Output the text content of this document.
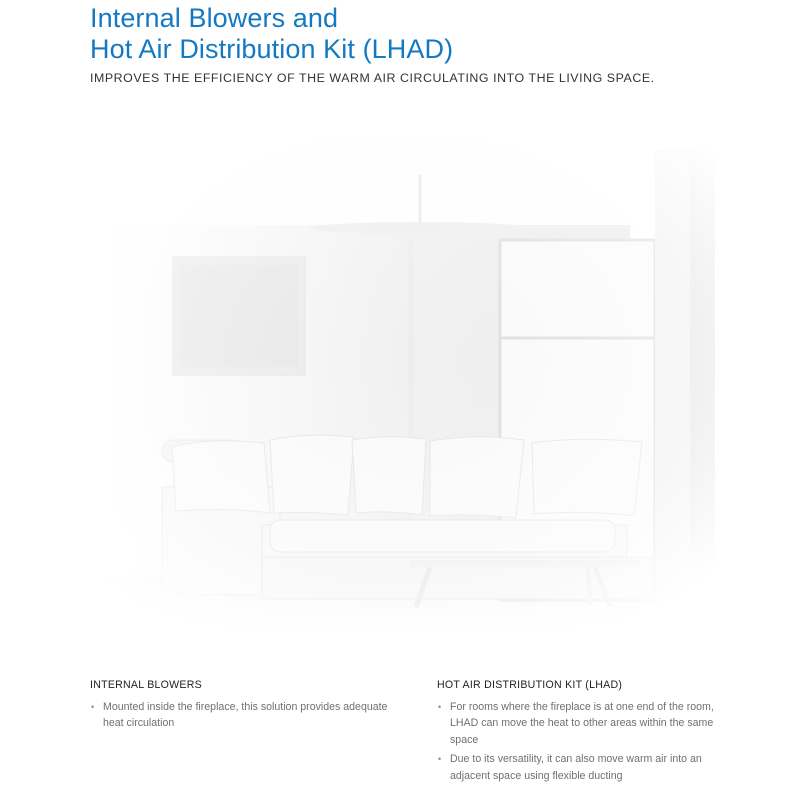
Internal Blowers and
Hot Air Distribution Kit (LHAD)

IMPROVES THE EFFICIENCY OF THE WARM AIR CIRCULATING INTO THE LIVING SPACE.

INTERNAL BLOWERS
•
Mounted inside the fireplace, this solution provides adequate heat circulation
HOT AIR DISTRIBUTION KIT (LHAD)
•
For rooms where the fireplace is at one end of the room, LHAD can move the heat to other areas within the same space
•
Due to its versatility, it can also move warm air into an adjacent space using flexible ducting
